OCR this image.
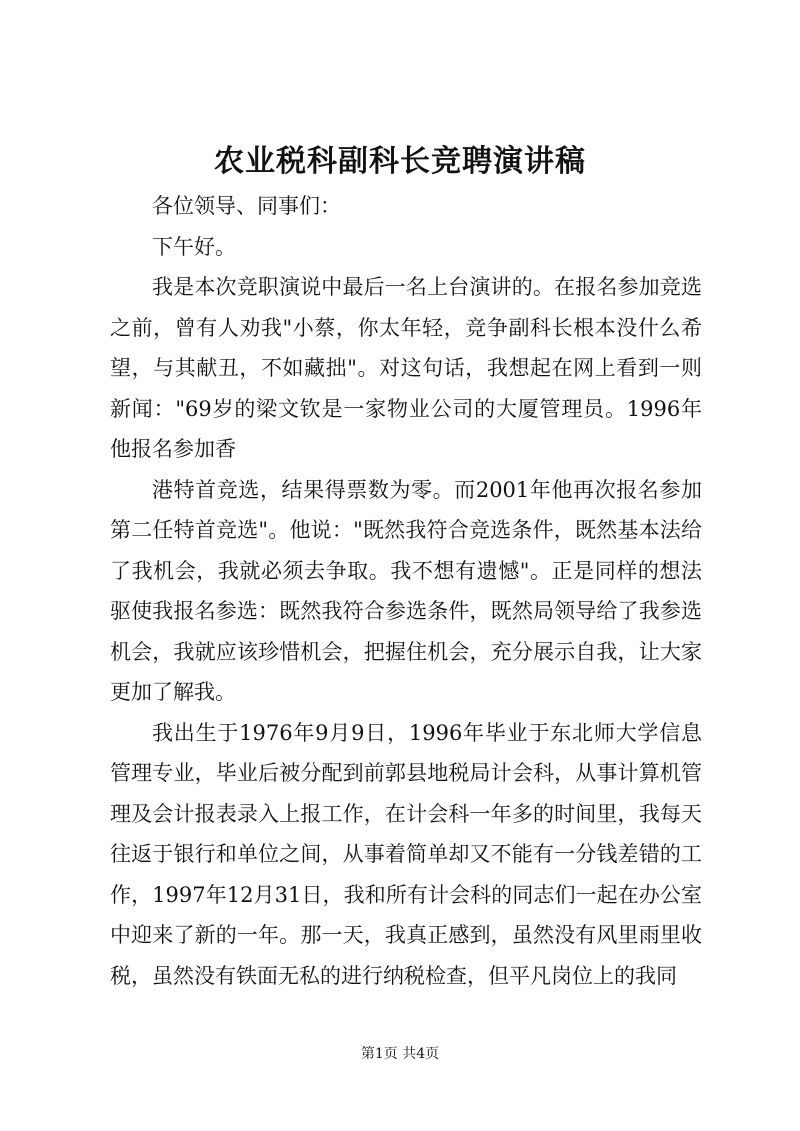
农业税科副科长竞聘演讲稿

各位领导、同事们：

下午好。

我是本次竞职演说中最后一名上台演讲的。在报名参加竞选之前，曾有人劝我"小蔡，你太年轻，竞争副科长根本没什么希望，与其献丑，不如藏拙"。对这句话，我想起在网上看到一则新闻："69岁的梁文钦是一家物业公司的大厦管理员。1996年他报名参加香

港特首竞选，结果得票数为零。而2001年他再次报名参加第二任特首竞选"。他说："既然我符合竞选条件，既然基本法给了我机会，我就必须去争取。我不想有遗憾"。正是同样的想法驱使我报名参选：既然我符合参选条件，既然局领导给了我参选机会，我就应该珍惜机会，把握住机会，充分展示自我，让大家更加了解我。

我出生于1976年9月9日，1996年毕业于东北师大学信息管理专业，毕业后被分配到前郭县地税局计会科，从事计算机管理及会计报表录入上报工作，在计会科一年多的时间里，我每天往返于银行和单位之间，从事着简单却又不能有一分钱差错的工作，1997年12月31日，我和所有计会科的同志们一起在办公室中迎来了新的一年。那一天，我真正感到，虽然没有风里雨里收税，虽然没有铁面无私的进行纳税检查，但平凡岗位上的我同

第1页 共4页
